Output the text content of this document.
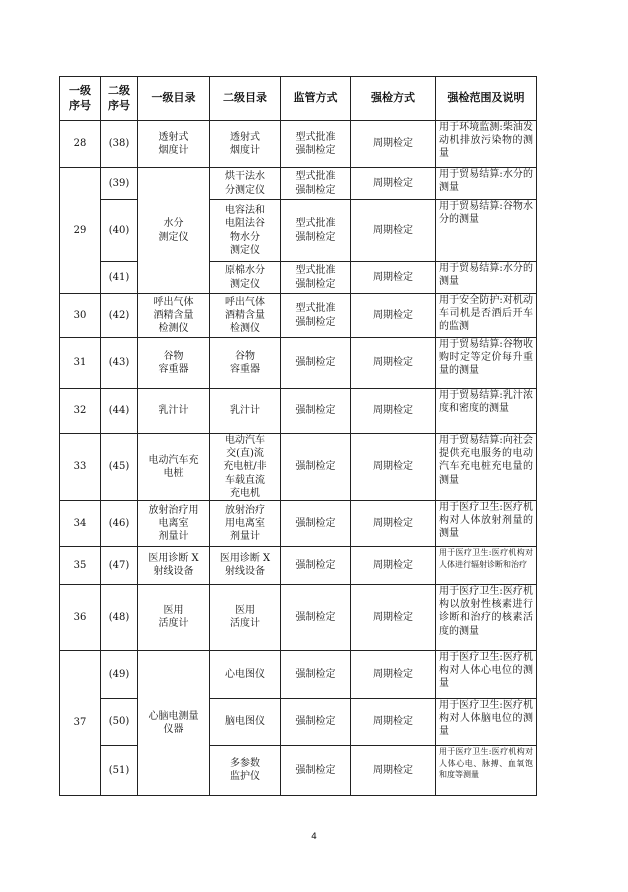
一级
序号	二级
序号	一级目录	二级目录	监管方式	强检方式	强检范围及说明

28	(38)	透射式
烟度计	透射式
烟度计	型式批准
强制检定	周期检定	用于环境监测:柴油发动机排放污染物的测量

29	(39)	水分
测定仪	烘干法水
分测定仪	型式批准
强制检定	周期检定	用于贸易结算:水分的测量

	(40)		电容法和
电阻法谷
物水分
测定仪	型式批准
强制检定	周期检定	用于贸易结算:谷物水分的测量

	(41)		原棉水分
测定仪	型式批准
强制检定	周期检定	用于贸易结算:水分的测量

30	(42)	呼出气体
酒精含量
检测仪	呼出气体
酒精含量
检测仪	型式批准
强制检定	周期检定	用于安全防护:对机动车司机是否酒后开车的监测

31	(43)	谷物
容重器	谷物
容重器	强制检定	周期检定	用于贸易结算:谷物收购时定等定价每升重量的测量

32	(44)	乳汁计	乳汁计	强制检定	周期检定	用于贸易结算:乳汁浓度和密度的测量

33	(45)	电动汽车充
电桩	电动汽车
交(直)流
充电桩/非
车载直流
充电机	强制检定	周期检定	用于贸易结算:向社会提供充电服务的电动汽车充电桩充电量的测量

34	(46)	放射治疗用
电离室
剂量计	放射治疗
用电离室
剂量计	强制检定	周期检定	用于医疗卫生:医疗机构对人体放射剂量的测量

35	(47)	医用诊断 X
射线设备	医用诊断 X
射线设备	强制检定	周期检定	用于医疗卫生:医疗机构对人体进行辐射诊断和治疗

36	(48)	医用
活度计	医用
活度计	强制检定	周期检定	用于医疗卫生:医疗机构以放射性核素进行诊断和治疗的核素活度的测量

37	(49)	心脑电测量
仪器	心电图仪	强制检定	周期检定	用于医疗卫生:医疗机构对人体心电位的测量

	(50)		脑电图仪	强制检定	周期检定	用于医疗卫生:医疗机构对人体脑电位的测量

	(51)		多参数
监护仪	强制检定	周期检定	用于医疗卫生:医疗机构对人体心电、脉搏、血氧饱和度等测量
4
